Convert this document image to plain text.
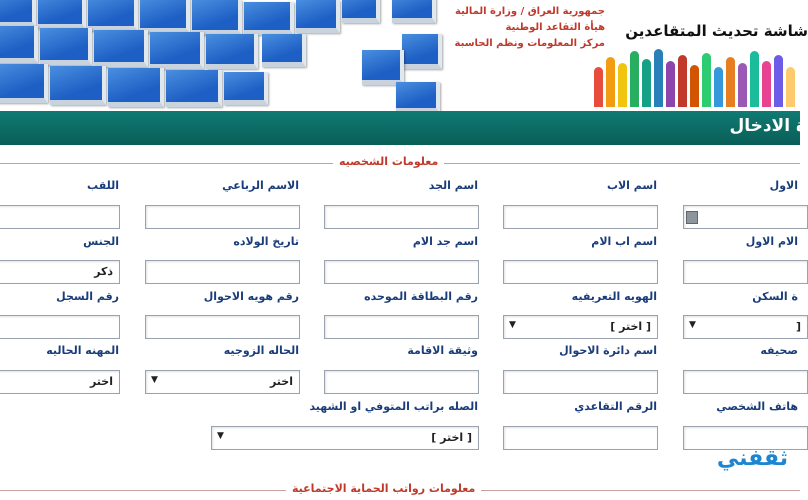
جمهورية العراق / وزارة المالية
هيأة التقاعد الوطنية
مركز المعلومات ونظم الحاسبة
شاشة تحديث المتقاعدين
ة الادخال
معلومات الشخصيه
الاول
اسم الاب
اسم الجد
الاسم الرباعي
اللقب
الام الاول
اسم اب الام
اسم جد الام
تاريخ الولاده
الجنس
ذكر
ة السكن
الهويه التعريفيه
رقم البطاقة الموحده
رقم هويه الاحوال
رقم السجل
[
▼
[ اختر ]
▼
صحيفه
اسم دائرة الاحوال
وثيقة الاقامة
الحاله الزوجيه
المهنه الحاليه
اختر
▼
اختر
هاتف الشخصي
الرقم التقاعدي
الصله براتب المتوفي او الشهيد
[ اختر ]
▼
معلومات رواتب الحماية الاجتماعية
ثقفني
